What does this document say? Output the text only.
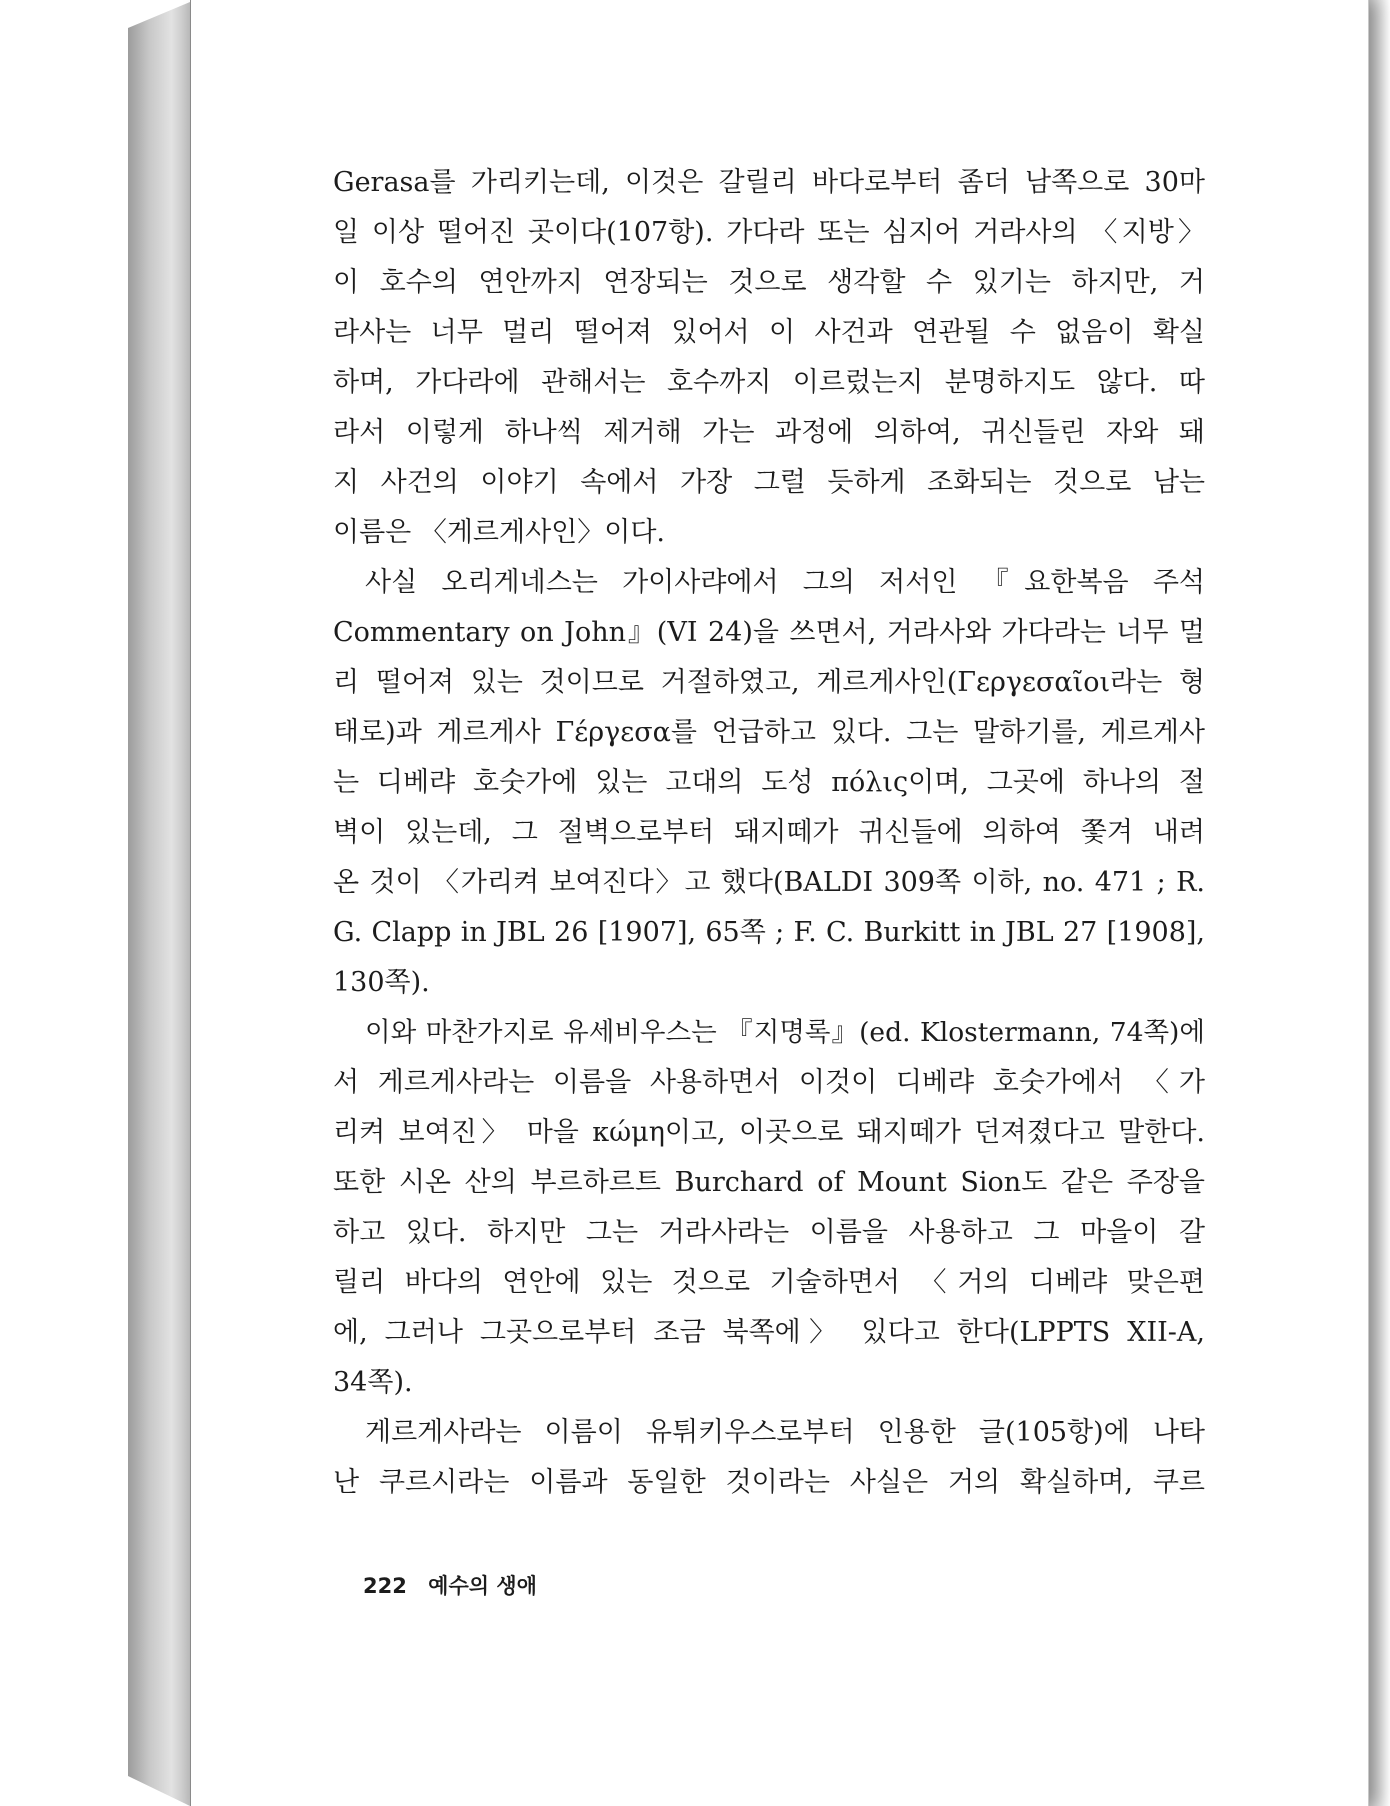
Gerasa를 가리키는데, 이것은 갈릴리 바다로부터 좀더 남쪽으로 30마
일 이상 떨어진 곳이다(107항). 가다라 또는 심지어 거라사의 〈지방〉
이 호수의 연안까지 연장되는 것으로 생각할 수 있기는 하지만, 거
라사는 너무 멀리 떨어져 있어서 이 사건과 연관될 수 없음이 확실
하며, 가다라에 관해서는 호수까지 이르렀는지 분명하지도 않다. 따
라서 이렇게 하나씩 제거해 가는 과정에 의하여, 귀신들린 자와 돼
지 사건의 이야기 속에서 가장 그럴 듯하게 조화되는 것으로 남는
이름은 〈게르게사인〉이다.
사실 오리게네스는 가이사랴에서 그의 저서인 『요한복음 주석
Commentary on John』(VI 24)을 쓰면서, 거라사와 가다라는 너무 멀
리 떨어져 있는 것이므로 거절하였고, 게르게사인(Γεργεσαῖοι라는 형
태로)과 게르게사 Γέργεσα를 언급하고 있다. 그는 말하기를, 게르게사
는 디베랴 호숫가에 있는 고대의 도성 πόλις이며, 그곳에 하나의 절
벽이 있는데, 그 절벽으로부터 돼지떼가 귀신들에 의하여 쫓겨 내려
온 것이 〈가리켜 보여진다〉고 했다(BALDI 309쪽 이하, no. 471 ; R.
G. Clapp in JBL 26 [1907], 65쪽 ; F. C. Burkitt in JBL 27 [1908],
130쪽).
이와 마찬가지로 유세비우스는 『지명록』(ed. Klostermann, 74쪽)에
서 게르게사라는 이름을 사용하면서 이것이 디베랴 호숫가에서 〈가
리켜 보여진〉 마을 κώμη이고, 이곳으로 돼지떼가 던져졌다고 말한다.
또한 시온 산의 부르하르트 Burchard of Mount Sion도 같은 주장을
하고 있다. 하지만 그는 거라사라는 이름을 사용하고 그 마을이 갈
릴리 바다의 연안에 있는 것으로 기술하면서 〈거의 디베랴 맞은편
에, 그러나 그곳으로부터 조금 북쪽에〉 있다고 한다(LPPTS XII-A,
34쪽).
게르게사라는 이름이 유튀키우스로부터 인용한 글(105항)에 나타
난 쿠르시라는 이름과 동일한 것이라는 사실은 거의 확실하며, 쿠르
222 예수의 생애
